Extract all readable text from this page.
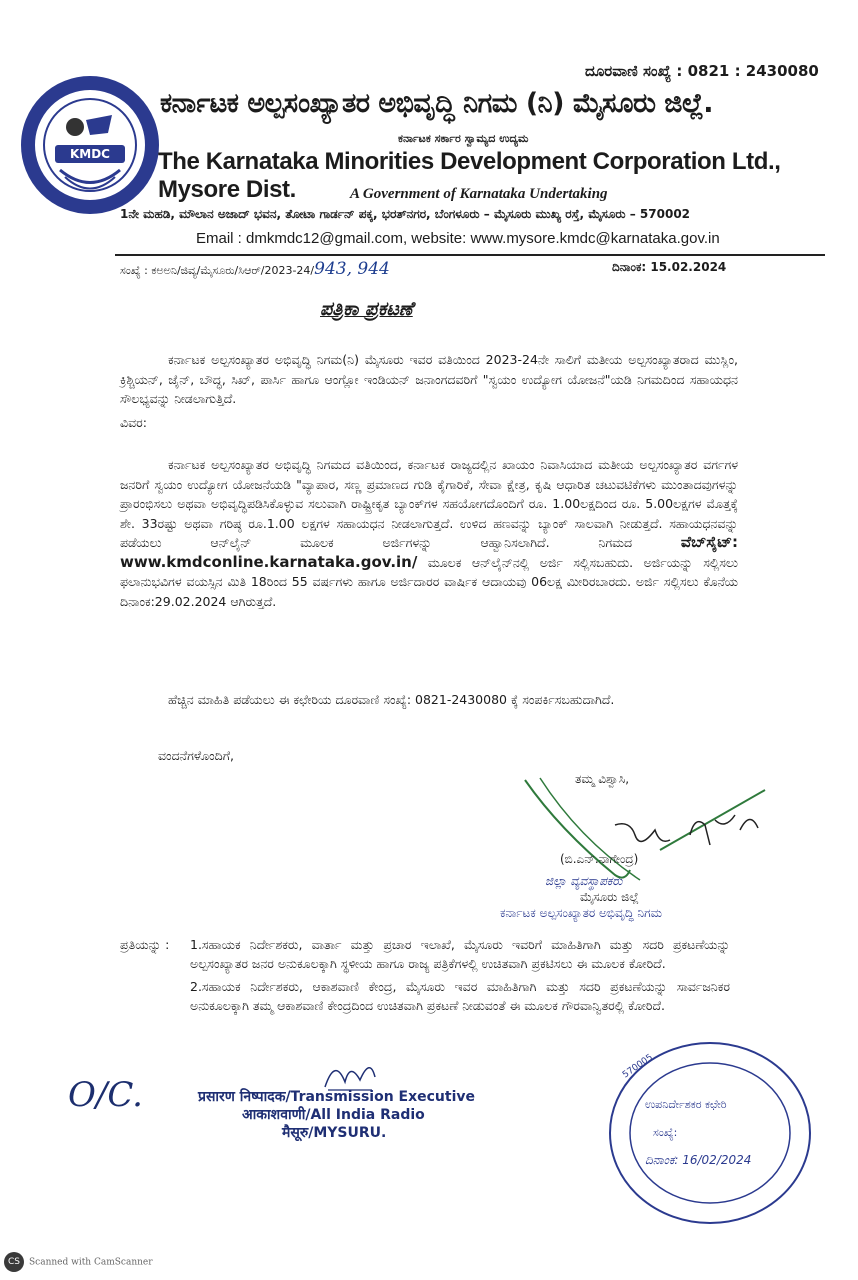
ದೂರವಾಣಿ ಸಂಖ್ಯೆ : 0821 : 2430080
KMDC
ಕರ್ನಾಟಕ ಅಲ್ಪಸಂಖ್ಯಾತರ ಅಭಿವೃದ್ಧಿ ನಿಗಮ (ನಿ) ಮೈಸೂರು ಜಿಲ್ಲೆ.
ಕರ್ನಾಟಕ ಸರ್ಕಾರ ಸ್ವಾಮ್ಯದ ಉದ್ಯಮ
The Karnataka Minorities Development Corporation Ltd., Mysore Dist.	A Government of Karnataka Undertaking
1ನೇ ಮಹಡಿ, ಮೌಲಾನ ಅಜಾದ್ ಭವನ, ತೋಟಾ ಗಾರ್ಡನ್ ಪಕ್ಕ, ಭರತ್‌ನಗರ, ಬೆಂಗಳೂರು – ಮೈಸೂರು ಮುಖ್ಯ ರಸ್ತೆ, ಮೈಸೂರು – 570002
Email : dmkmdc12@gmail.com, website: www.mysore.kmdc@karnataka.gov.in
ಸಂಖ್ಯೆ : ಕಅಅನಿ/ಜಿವ್ಯ/ಮೈಸೂರು/ಸಿಆರ್/2023-24/943, 944	ದಿನಾಂಕ: 15.02.2024
ಪತ್ರಿಕಾ ಪ್ರಕಟಣೆ
ಕರ್ನಾಟಕ ಅಲ್ಪಸಂಖ್ಯಾತರ ಅಭಿವೃದ್ಧಿ ನಿಗಮ(ನಿ) ಮೈಸೂರು ಇವರ ವತಿಯಿಂದ 2023-24ನೇ ಸಾಲಿಗೆ ಮತೀಯ ಅಲ್ಪಸಂಖ್ಯಾತರಾದ ಮುಸ್ಲಿಂ, ಕ್ರಿಶ್ಚಿಯನ್, ಜೈನ್, ಬೌದ್ಧ, ಸಿಖ್, ಪಾರ್ಸಿ ಹಾಗೂ ಆಂಗ್ಲೋ ಇಂಡಿಯನ್ ಜನಾಂಗದವರಿಗೆ "ಸ್ವಯಂ ಉದ್ಯೋಗ ಯೋಜನೆ"ಯಡಿ ನಿಗಮದಿಂದ ಸಹಾಯಧನ ಸೌಲಭ್ಯವನ್ನು ನೀಡಲಾಗುತ್ತಿದೆ.
ವಿವರ:
ಕರ್ನಾಟಕ ಅಲ್ಪಸಂಖ್ಯಾತರ ಅಭಿವೃದ್ಧಿ ನಿಗಮದ ವತಿಯಿಂದ, ಕರ್ನಾಟಕ ರಾಜ್ಯದಲ್ಲಿನ ಖಾಯಂ ನಿವಾಸಿಯಾದ ಮತೀಯ ಅಲ್ಪಸಂಖ್ಯಾತರ ವರ್ಗಗಳ ಜನರಿಗೆ ಸ್ವಯಂ ಉದ್ಯೋಗ ಯೋಜನೆಯಡಿ "ವ್ಯಾಪಾರ, ಸಣ್ಣ ಪ್ರಮಾಣದ ಗುಡಿ ಕೈಗಾರಿಕೆ, ಸೇವಾ ಕ್ಷೇತ್ರ, ಕೃಷಿ ಆಧಾರಿತ ಚಟುವಟಿಕೆಗಳು ಮುಂತಾದವುಗಳನ್ನು ಪ್ರಾರಂಭಿಸಲು ಅಥವಾ ಅಭಿವೃದ್ಧಿಪಡಿಸಿಕೊಳ್ಳುವ ಸಲುವಾಗಿ ರಾಷ್ಟ್ರೀಕೃತ ಬ್ಯಾಂಕ್‌ಗಳ ಸಹಯೋಗದೊಂದಿಗೆ ರೂ. 1.00ಲಕ್ಷದಿಂದ ರೂ. 5.00ಲಕ್ಷಗಳ ಮೊತ್ತಕ್ಕೆ ಶೇ. 33ರಷ್ಟು ಅಥವಾ ಗರಿಷ್ಠ ರೂ.1.00 ಲಕ್ಷಗಳ ಸಹಾಯಧನ ನೀಡಲಾಗುತ್ತದೆ. ಉಳಿದ ಹಣವನ್ನು ಬ್ಯಾಂಕ್ ಸಾಲವಾಗಿ ನೀಡುತ್ತದೆ. ಸಹಾಯಧನವನ್ನು ಪಡೆಯಲು ಆನ್‌ಲೈನ್ ಮೂಲಕ ಅರ್ಜಿಗಳನ್ನು ಆಹ್ವಾನಿಸಲಾಗಿದೆ. ನಿಗಮದ ವೆಬ್‌ಸೈಟ್: www.kmdconline.karnataka.gov.in/ ಮೂಲಕ ಆನ್‌ಲೈನ್‌ನಲ್ಲಿ ಅರ್ಜಿ ಸಲ್ಲಿಸಬಹುದು. ಅರ್ಜಿಯನ್ನು ಸಲ್ಲಿಸಲು ಫಲಾನುಭವಿಗಳ ವಯಸ್ಸಿನ ಮಿತಿ 18ರಿಂದ 55 ವರ್ಷಗಳು ಹಾಗೂ ಅರ್ಜಿದಾರರ ವಾರ್ಷಿಕ ಆದಾಯವು 06ಲಕ್ಷ ಮೀರಿರಬಾರದು. ಅರ್ಜಿ ಸಲ್ಲಿಸಲು ಕೊನೆಯ ದಿನಾಂಕ:29.02.2024 ಆಗಿರುತ್ತದೆ.
ಹೆಚ್ಚಿನ ಮಾಹಿತಿ ಪಡೆಯಲು ಈ ಕಛೇರಿಯ ದೂರವಾಣಿ ಸಂಖ್ಯೆ: 0821-2430080 ಕ್ಕೆ ಸಂಪರ್ಕಿಸಬಹುದಾಗಿದೆ.
ವಂದನೆಗಳೊಂದಿಗೆ,
ತಮ್ಮ ವಿಶ್ವಾಸಿ,
(ಬಿ.ಎನ್.ನಾಗೇಂದ್ರ)
ಜಿಲ್ಲಾ ವ್ಯವಸ್ಥಾಪಕರು
ಮೈಸೂರು ಜಿಲ್ಲೆ
ಕರ್ನಾಟಕ ಅಲ್ಪಸಂಖ್ಯಾತರ ಅಭಿವೃದ್ಧಿ ನಿಗಮ
ಪ್ರತಿಯನ್ನು : 1.ಸಹಾಯಕ ನಿರ್ದೇಶಕರು, ವಾರ್ತಾ ಮತ್ತು ಪ್ರಚಾರ ಇಲಾಖೆ, ಮೈಸೂರು ಇವರಿಗೆ ಮಾಹಿತಿಗಾಗಿ ಮತ್ತು ಸದರಿ ಪ್ರಕಟಣೆಯನ್ನು ಅಲ್ಪಸಂಖ್ಯಾತರ ಜನರ ಅನುಕೂಲಕ್ಕಾಗಿ ಸ್ಥಳೀಯ ಹಾಗೂ ರಾಜ್ಯ ಪತ್ರಿಕೆಗಳಲ್ಲಿ ಉಚಿತವಾಗಿ ಪ್ರಕಟಿಸಲು ಈ ಮೂಲಕ ಕೋರಿದೆ.
2.ಸಹಾಯಕ ನಿರ್ದೇಶಕರು, ಆಕಾಶವಾಣಿ ಕೇಂದ್ರ, ಮೈಸೂರು ಇವರ ಮಾಹಿತಿಗಾಗಿ ಮತ್ತು ಸದರಿ ಪ್ರಕಟಣೆಯನ್ನು ಸಾರ್ವಜನಿಕರ ಅನುಕೂಲಕ್ಕಾಗಿ ತಮ್ಮ ಆಕಾಶವಾಣಿ ಕೇಂದ್ರದಿಂದ ಉಚಿತವಾಗಿ ಪ್ರಕಟಣೆ ನೀಡುವಂತೆ ಈ ಮೂಲಕ ಗೌರವಾನ್ವಿತರಲ್ಲಿ ಕೋರಿದೆ.
O/C.	प्रसारण निष्पादक/Transmission Executive
आकाशवाणी/All India Radio
मैसूरु/MYSURU.
570005
ಉಪನಿರ್ದೇಶಕರ ಕಛೇರಿ
ಸಂಖ್ಯೆ:
ದಿನಾಂಕ: 16/02/2024
CS Scanned with CamScanner
